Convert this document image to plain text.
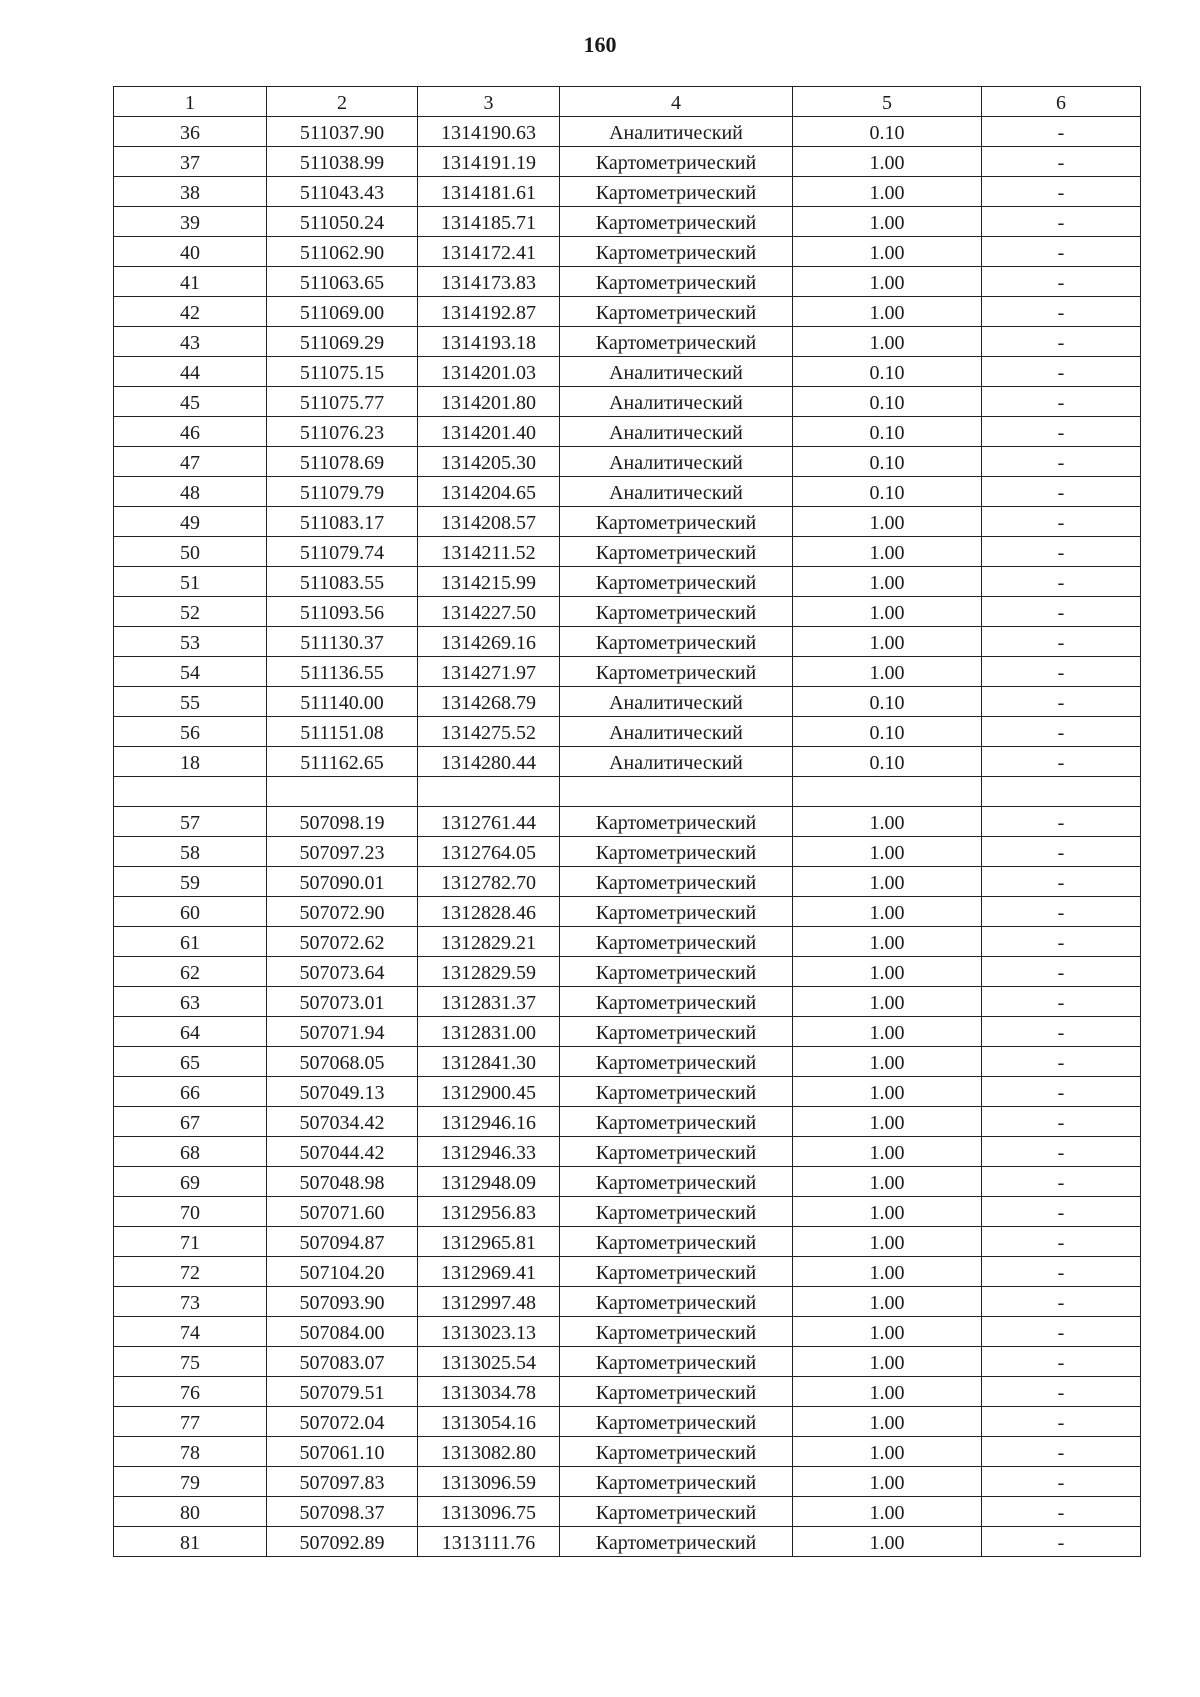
160
1	2	3	4	5	6
36	511037.90	1314190.63	Аналитический	0.10	-
37	511038.99	1314191.19	Картометрический	1.00	-
38	511043.43	1314181.61	Картометрический	1.00	-
39	511050.24	1314185.71	Картометрический	1.00	-
40	511062.90	1314172.41	Картометрический	1.00	-
41	511063.65	1314173.83	Картометрический	1.00	-
42	511069.00	1314192.87	Картометрический	1.00	-
43	511069.29	1314193.18	Картометрический	1.00	-
44	511075.15	1314201.03	Аналитический	0.10	-
45	511075.77	1314201.80	Аналитический	0.10	-
46	511076.23	1314201.40	Аналитический	0.10	-
47	511078.69	1314205.30	Аналитический	0.10	-
48	511079.79	1314204.65	Аналитический	0.10	-
49	511083.17	1314208.57	Картометрический	1.00	-
50	511079.74	1314211.52	Картометрический	1.00	-
51	511083.55	1314215.99	Картометрический	1.00	-
52	511093.56	1314227.50	Картометрический	1.00	-
53	511130.37	1314269.16	Картометрический	1.00	-
54	511136.55	1314271.97	Картометрический	1.00	-
55	511140.00	1314268.79	Аналитический	0.10	-
56	511151.08	1314275.52	Аналитический	0.10	-
18	511162.65	1314280.44	Аналитический	0.10	-

57	507098.19	1312761.44	Картометрический	1.00	-
58	507097.23	1312764.05	Картометрический	1.00	-
59	507090.01	1312782.70	Картометрический	1.00	-
60	507072.90	1312828.46	Картометрический	1.00	-
61	507072.62	1312829.21	Картометрический	1.00	-
62	507073.64	1312829.59	Картометрический	1.00	-
63	507073.01	1312831.37	Картометрический	1.00	-
64	507071.94	1312831.00	Картометрический	1.00	-
65	507068.05	1312841.30	Картометрический	1.00	-
66	507049.13	1312900.45	Картометрический	1.00	-
67	507034.42	1312946.16	Картометрический	1.00	-
68	507044.42	1312946.33	Картометрический	1.00	-
69	507048.98	1312948.09	Картометрический	1.00	-
70	507071.60	1312956.83	Картометрический	1.00	-
71	507094.87	1312965.81	Картометрический	1.00	-
72	507104.20	1312969.41	Картометрический	1.00	-
73	507093.90	1312997.48	Картометрический	1.00	-
74	507084.00	1313023.13	Картометрический	1.00	-
75	507083.07	1313025.54	Картометрический	1.00	-
76	507079.51	1313034.78	Картометрический	1.00	-
77	507072.04	1313054.16	Картометрический	1.00	-
78	507061.10	1313082.80	Картометрический	1.00	-
79	507097.83	1313096.59	Картометрический	1.00	-
80	507098.37	1313096.75	Картометрический	1.00	-
81	507092.89	1313111.76	Картометрический	1.00	-
